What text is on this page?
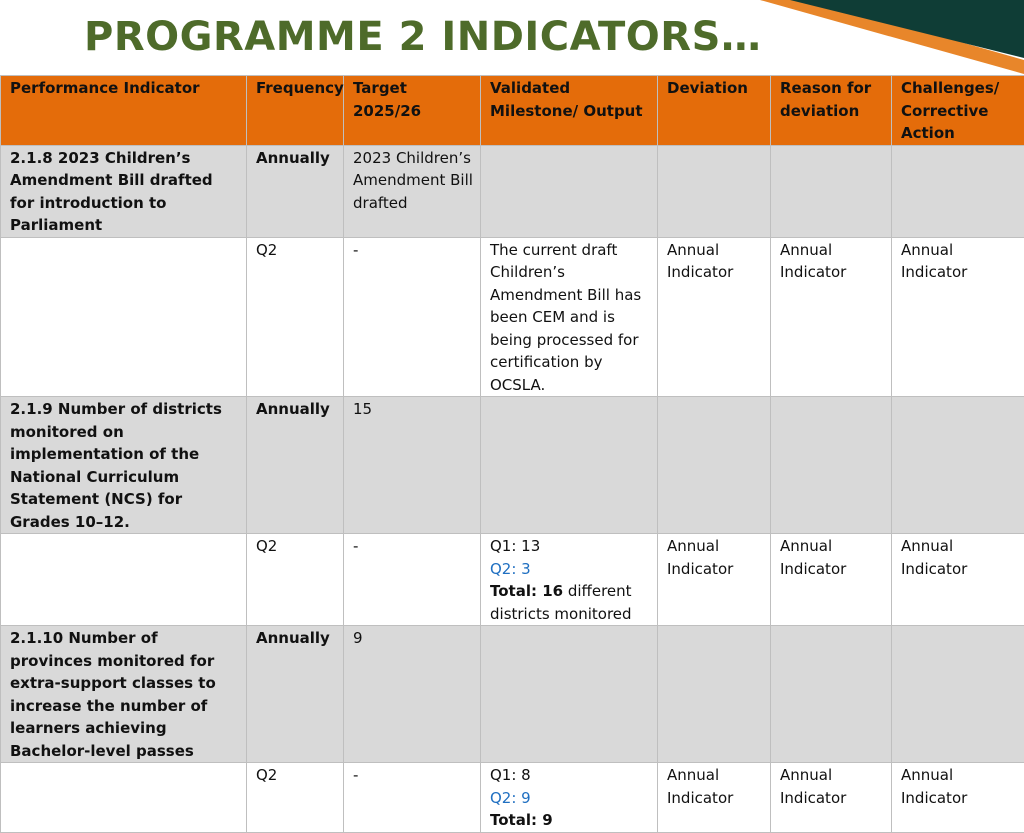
PROGRAMME 2 INDICATORS…
Performance Indicator	Frequency	Target 2025/26	Validated Milestone/ Output	Deviation	Reason for deviation	Challenges/ Corrective Action
2.1.8 2023 Children’s Amendment Bill drafted for introduction to Parliament	Annually	2023 Children’s Amendment Bill drafted				
	Q2	-	The current draft Children’s Amendment Bill has been CEM and is being processed for certification by OCSLA.	Annual Indicator	Annual Indicator	Annual Indicator
2.1.9 Number of districts monitored on implementation of the National Curriculum Statement (NCS) for Grades 10–12.	Annually	15				
	Q2	-	Q1: 13
Q2: 3
Total: 16 different districts monitored	Annual Indicator	Annual Indicator	Annual Indicator
2.1.10 Number of provinces monitored for extra-support classes to increase the number of learners achieving Bachelor-level passes	Annually	9				
	Q2	-	Q1: 8
Q2: 9
Total: 9	Annual Indicator	Annual Indicator	Annual Indicator
